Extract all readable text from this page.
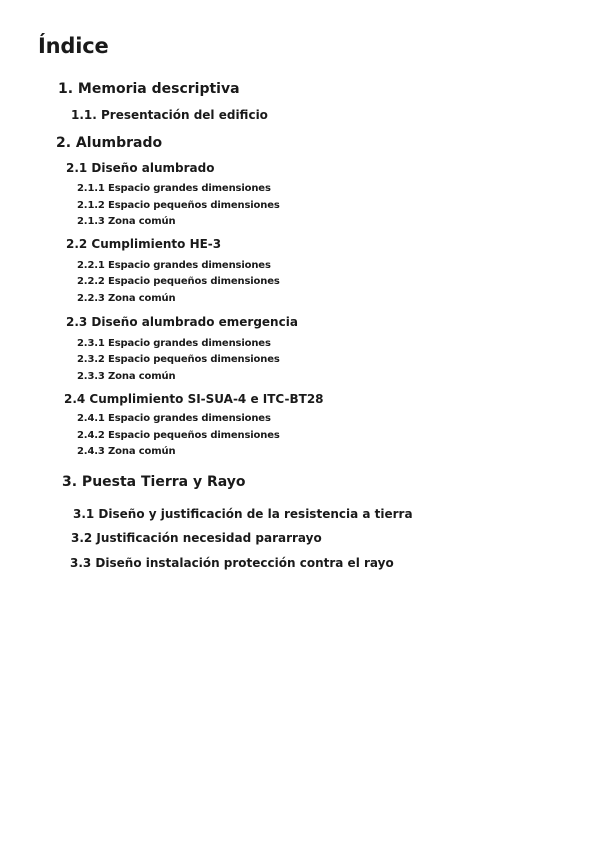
Índice
1. Memoria descriptiva
1.1. Presentación del edificio
2. Alumbrado
2.1 Diseño alumbrado
2.1.1 Espacio grandes dimensiones
2.1.2 Espacio pequeños dimensiones
2.1.3 Zona común
2.2 Cumplimiento HE-3
2.2.1 Espacio grandes dimensiones
2.2.2 Espacio pequeños dimensiones
2.2.3 Zona común
2.3 Diseño alumbrado emergencia
2.3.1 Espacio grandes dimensiones
2.3.2 Espacio pequeños dimensiones
2.3.3 Zona común
2.4 Cumplimiento SI-SUA-4 e ITC-BT28
2.4.1 Espacio grandes dimensiones
2.4.2 Espacio pequeños dimensiones
2.4.3 Zona común
3. Puesta Tierra y Rayo
3.1 Diseño y justificación de la resistencia a tierra
3.2 Justificación necesidad pararrayo
3.3 Diseño instalación protección contra el rayo
